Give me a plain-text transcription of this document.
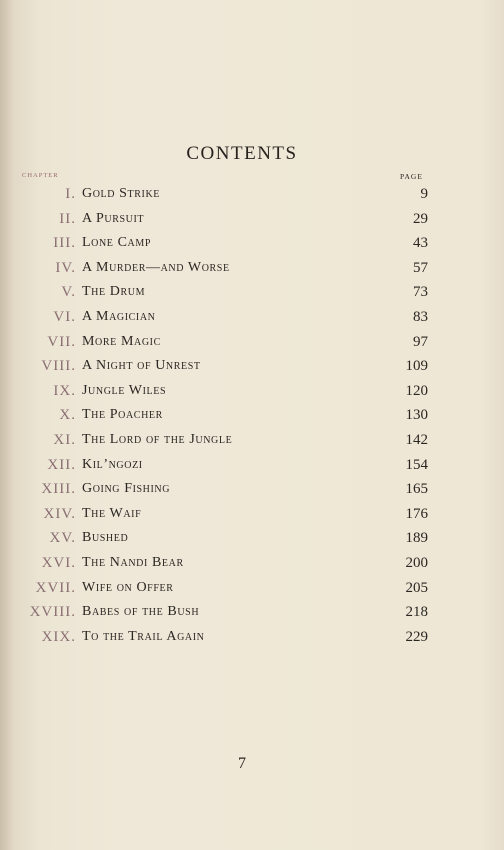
CONTENTS
CHAPTER	PAGE
I. Gold Strike	9
II. A Pursuit	29
III. Lone Camp	43
IV. A Murder—and Worse	57
V. The Drum	73
VI. A Magician	83
VII. More Magic	97
VIII. A Night of Unrest	109
IX. Jungle Wiles	120
X. The Poacher	130
XI. The Lord of the Jungle	142
XII. Kil’ngozi	154
XIII. Going Fishing	165
XIV. The Waif	176
XV. Bushed	189
XVI. The Nandi Bear	200
XVII. Wife on Offer	205
XVIII. Babes of the Bush	218
XIX. To the Trail Again	229
7
